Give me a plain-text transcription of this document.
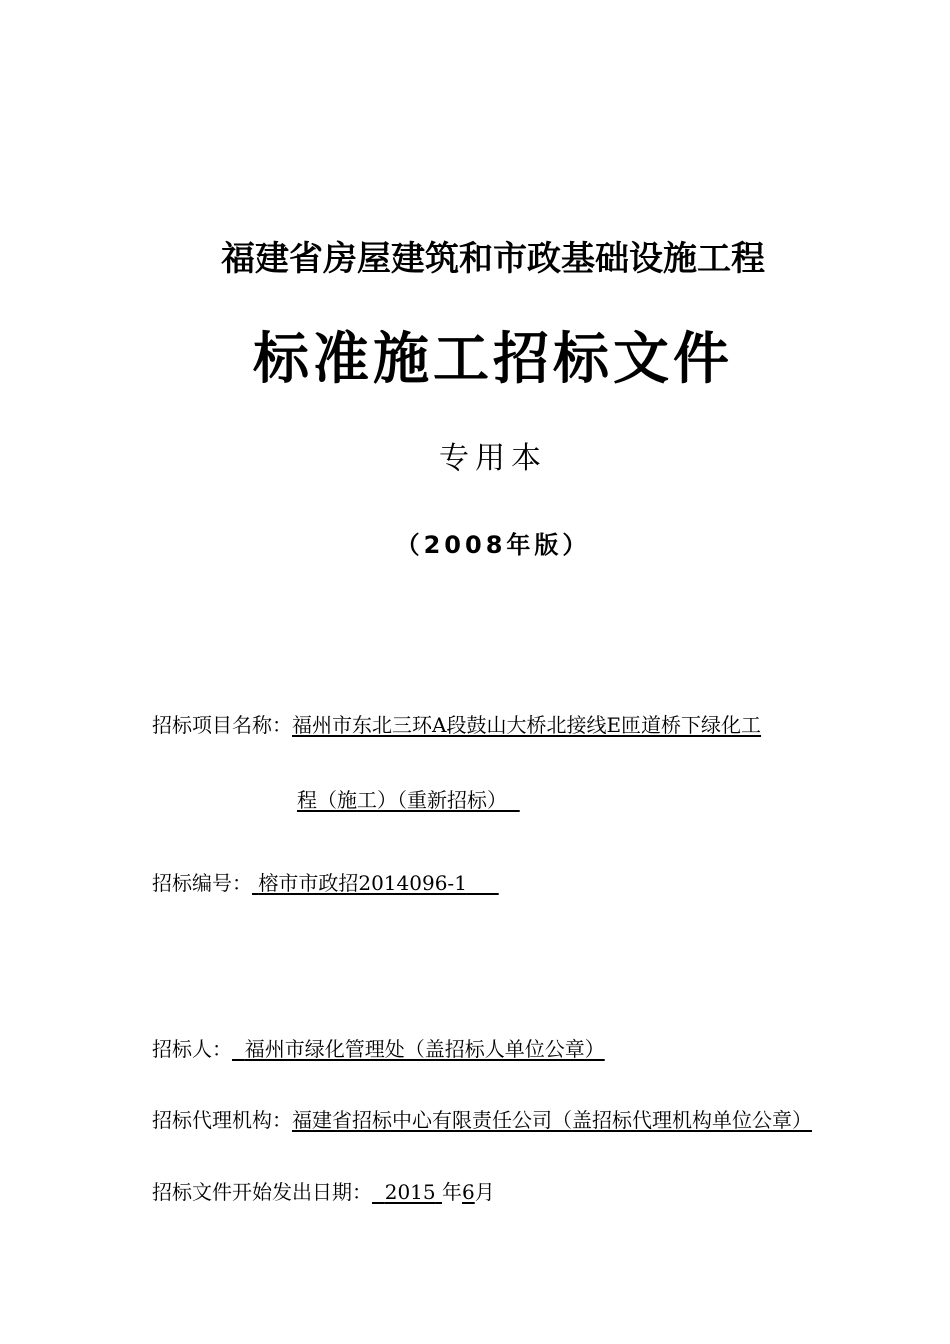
福建省房屋建筑和市政基础设施工程
标准施工招标文件
专用本
（2008年版）
招标项目名称：福州市东北三环A段鼓山大桥北接线E匝道桥下绿化工
程（施工）（重新招标）
招标编号： 榕市市政招2014096-1
招标人： 福州市绿化管理处（盖招标人单位公章）
招标代理机构：福建省招标中心有限责任公司（盖招标代理机构单位公章）
招标文件开始发出日期： 2015 年6月
